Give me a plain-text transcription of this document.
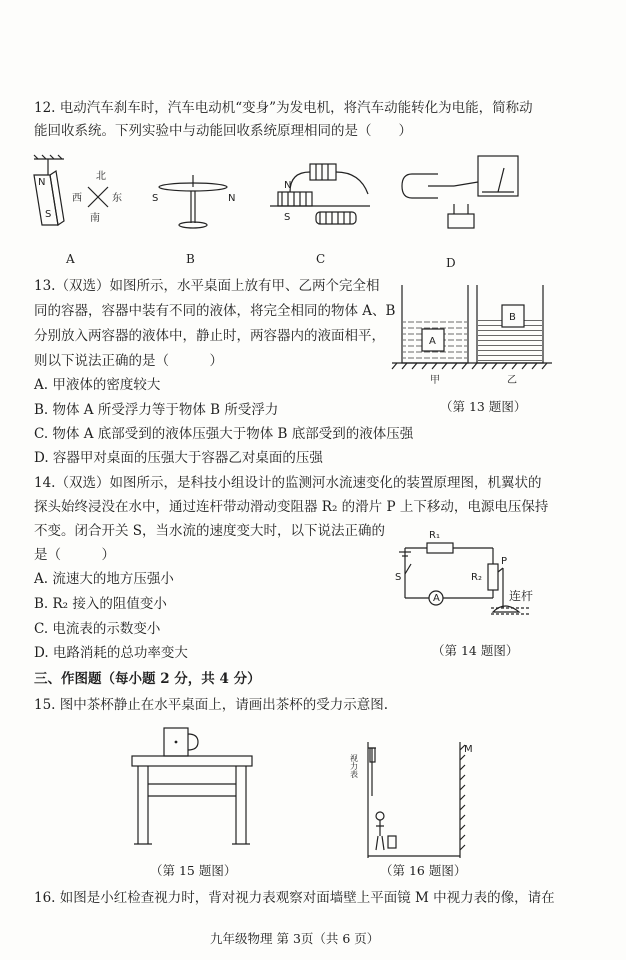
12. 电动汽车刹车时，汽车电动机“变身”为发电机，将汽车动能转化为电能，简称动
能回收系统。下列实验中与动能回收系统原理相同的是（　　）
N
S
北
东
西
南
A
S	N
B
N
S
C	D
13.（双选）如图所示，水平桌面上放有甲、乙两个完全相
同的容器，容器中装有不同的液体，将完全相同的物体 A、B
分别放入两容器的液体中，静止时，两容器内的液面相平，
则以下说法正确的是（　　　）
A. 甲液体的密度较大
B. 物体 A 所受浮力等于物体 B 所受浮力
C. 物体 A 底部受到的液体压强大于物体 B 底部受到的液体压强
D. 容器甲对桌面的压强大于容器乙对桌面的压强
A
B
甲	乙
（第 13 题图）
14.（双选）如图所示，是科技小组设计的监测河水流速变化的装置原理图，机翼状的
探头始终浸没在水中，通过连杆带动滑动变阻器 R₂ 的滑片 P 上下移动，电源电压保持
不变。闭合开关 S，当水流的速度变大时，以下说法正确的
是（　　　）
A. 流速大的地方压强小
B. R₂ 接入的阻值变小
C. 电流表的示数变小
D. 电路消耗的总功率变大
R₁
R₂
P
S
A	连杆
（第 14 题图）
三、作图题（每小题 2 分，共 4 分）
15. 图中茶杯静止在水平桌面上，请画出茶杯的受力示意图.
（第 15 题图）
视力表
M
（第 16 题图）
16. 如图是小红检查视力时，背对视力表观察对面墙壁上平面镜 M 中视力表的像，请在
九年级物理 第 3页（共 6 页）
